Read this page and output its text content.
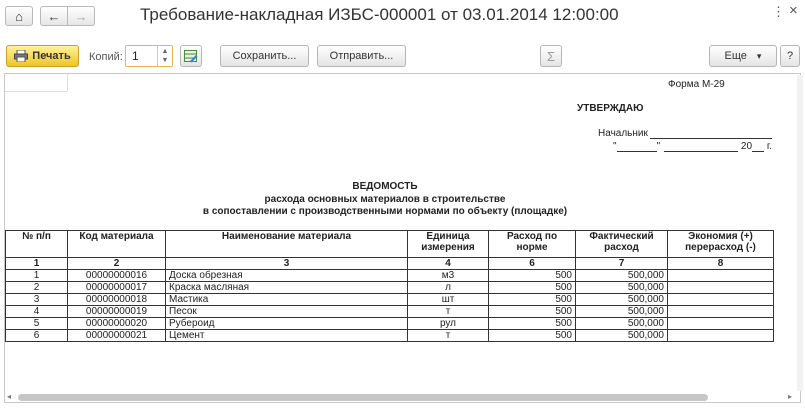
⌂ ← →	Требование-накладная ИЗБС-000001 от 03.01.2014 12:00:00	⋮ ×
Печать Копий: 1	▲
▼	Сохранить...	Отправить...	Σ	Еще ▾	?
Форма М-29
УТВЕРЖДАЮ
Начальник
"	"	20 г.
ВЕДОМОСТЬ
расхода основных материалов в строительстве
в сопоставлении с производственными нормами по объекту (площадке)
№ п/п	Код материала	Наименование материала	Единица измерения	Расход по норме	Фактический расход	Экономия (+) перерасход (-)
1	2	3	4	6	7	8
1	00000000016	Доска обрезная	м3	500	500,000	
2	00000000017	Краска масляная	л	500	500,000	
3	00000000018	Мастика	шт	500	500,000	
4	00000000019	Песок	т	500	500,000	
5	00000000020	Рубероид	рул	500	500,000	
6	00000000021	Цемент	т	500	500,000	
◂	▸
